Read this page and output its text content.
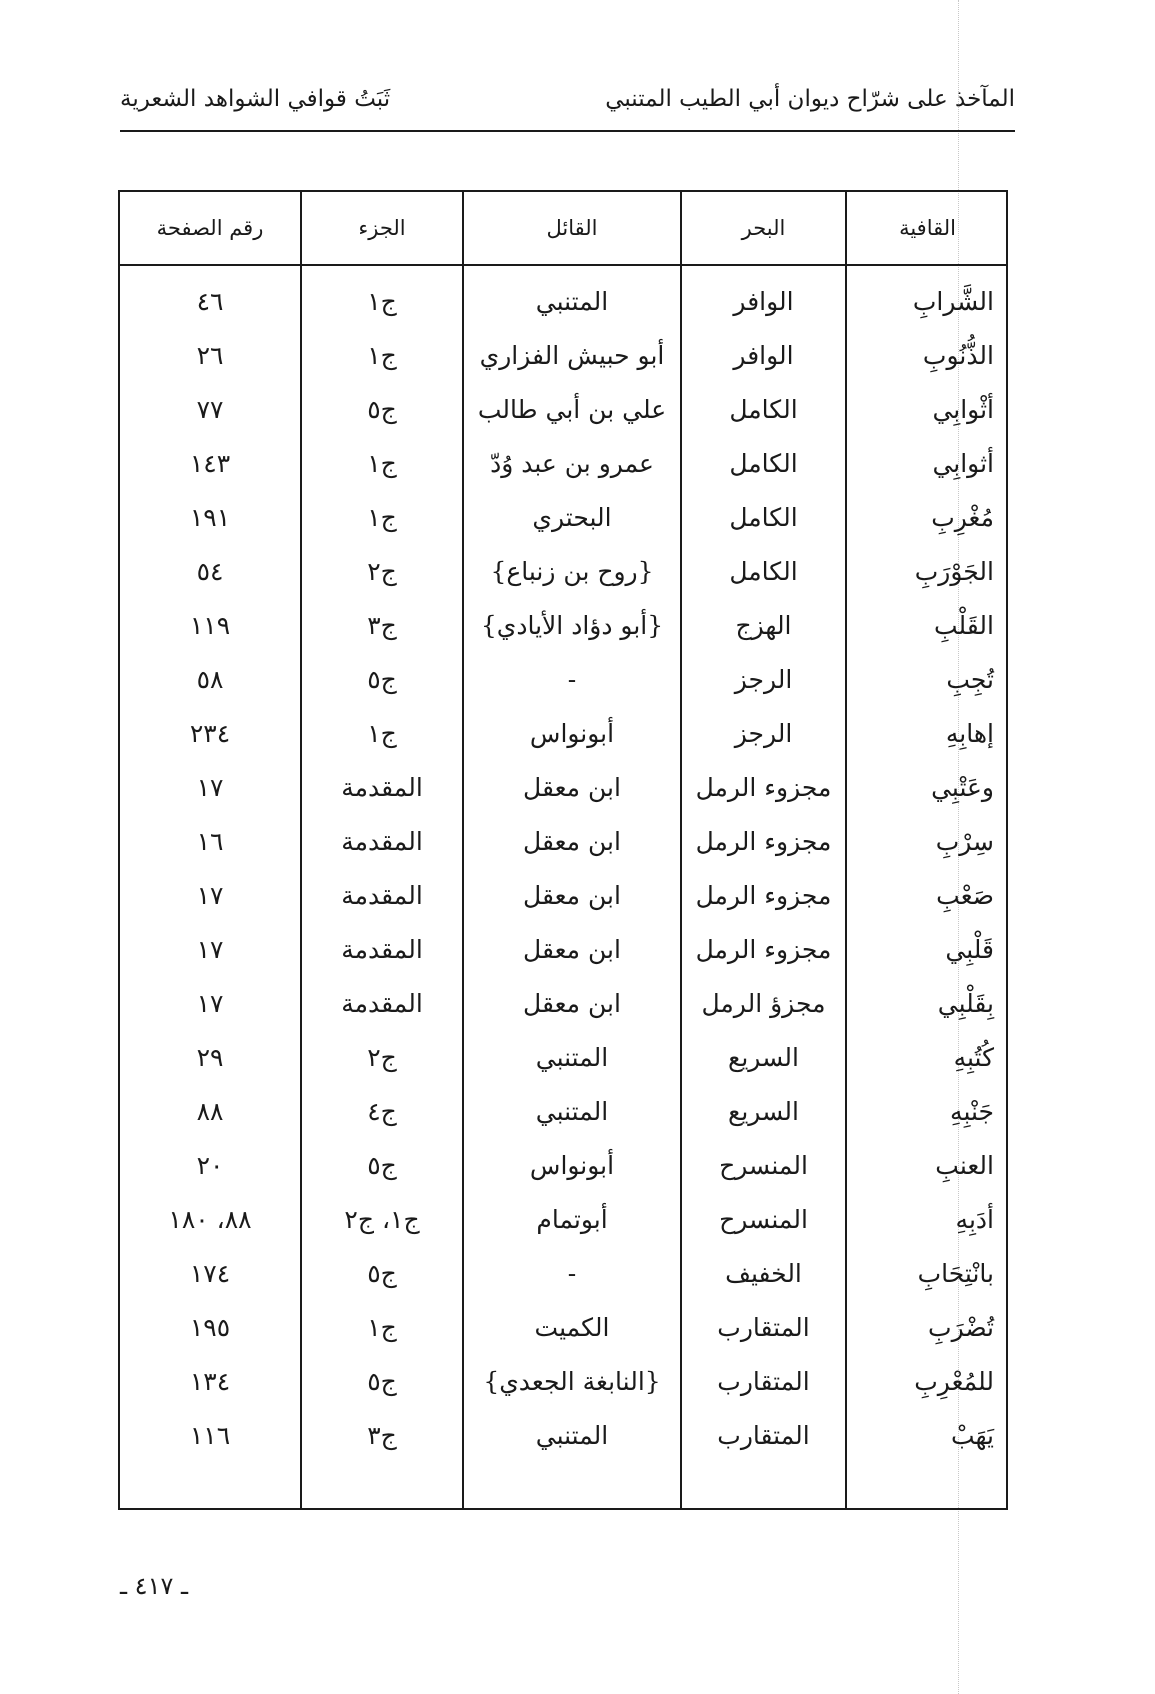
المآخذ على شرّاح ديوان أبي الطيب المتنبي
ثَبَتُ قوافي الشواهد الشعرية
القافية
البحر
القائل
الجزء
رقم الصفحة
الشَّرابِ
الوافر
المتنبي
ج١
٤٦
الذُّنُوبِ
الوافر
أبو حبيش الفزاري
ج١
٢٦
أثْوابِي
الكامل
علي بن أبي طالب
ج٥
٧٧
أثوابِي
الكامل
عمرو بن عبد وُدّ
ج١
١٤٣
مُغْرِبِ
الكامل
البحتري
ج١
١٩١
الجَوْرَبِ
الكامل
{روح بن زنباع}
ج٢
٥٤
القَلْبِ
الهزج
{أبو دؤاد الأيادي}
ج٣
١١٩
تُجِبِ
الرجز
-
ج٥
٥٨
إهابِهِ
الرجز
أبونواس
ج١
٢٣٤
وعَتْبِي
مجزوء الرمل
ابن معقل
المقدمة
١٧
سِرْبِ
مجزوء الرمل
ابن معقل
المقدمة
١٦
صَعْبِ
مجزوء الرمل
ابن معقل
المقدمة
١٧
قَلْبِي
مجزوء الرمل
ابن معقل
المقدمة
١٧
بِقَلْبِي
مجزؤ الرمل
ابن معقل
المقدمة
١٧
كُتُبِهِ
السريع
المتنبي
ج٢
٢٩
جَنْبِهِ
السريع
المتنبي
ج٤
٨٨
العنبِ
المنسرح
أبونواس
ج٥
٢٠
أدَبِهِ
المنسرح
أبوتمام
ج١، ج٢
٨٨، ١٨٠
بانْتِحَابِ
الخفيف
-
ج٥
١٧٤
تُضْرَبِ
المتقارب
الكميت
ج١
١٩٥
للمُعْرِبِ
المتقارب
{النابغة الجعدي}
ج٥
١٣٤
يَهَبْ
المتقارب
المتنبي
ج٣
١١٦
ـ ٤١٧ ـ
